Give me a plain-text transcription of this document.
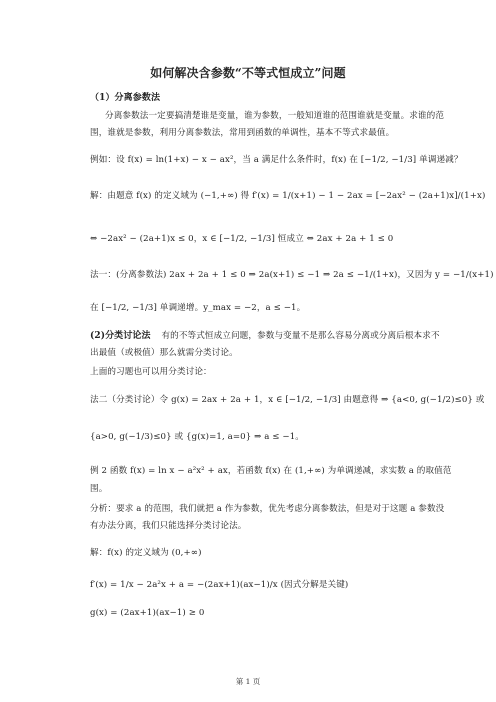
如何解决含参数“不等式恒成立”问题
（1）分离参数法
分离参数法一定要搞清楚谁是变量，谁为参数，一般知道谁的范围谁就是变量。求谁的范
围，谁就是参数，利用分离参数法，常用到函数的单调性，基本不等式求最值。
例如：设 f(x) = ln(1+x) − x − ax²，当 a 满足什么条件时，f(x) 在 [−1/2, −1/3] 单调递减？
解：由题意 f(x) 的定义域为 (−1,+∞) 得 f′(x) = 1/(x+1) − 1 − 2ax = [−2ax² − (2a+1)x]/(1+x)
⇔ −2ax² − (2a+1)x ≤ 0，x ∈ [−1/2, −1/3] 恒成立 ⇔ 2ax + 2a + 1 ≤ 0
法一：(分离参数法) 2ax + 2a + 1 ≤ 0 ⇒ 2a(x+1) ≤ −1 ⇒ 2a ≤ −1/(1+x)，又因为 y = −1/(x+1)
在 [−1/2, −1/3] 单调递增。y_max = −2，a ≤ −1。
(2)分类讨论法 有的不等式恒成立问题，参数与变量不是那么容易分离或分离后根本求不
出最值（或极值）那么就需分类讨论。
上面的习题也可以用分类讨论：
法二（分类讨论）令 g(x) = 2ax + 2a + 1，x ∈ [−1/2, −1/3] 由题意得 ⇒ {a<0, g(−1/2)≤0} 或
{a>0, g(−1/3)≤0} 或 {g(x)=1, a=0} ⇒ a ≤ −1。
例 2 函数 f(x) = ln x − a²x² + ax，若函数 f(x) 在 (1,+∞) 为单调递减，求实数 a 的取值范
围。
分析：要求 a 的范围，我们就把 a 作为参数，优先考虑分离参数法，但是对于这题 a 参数没
有办法分离，我们只能选择分类讨论法。
解：f(x) 的定义域为 (0,+∞)
f′(x) = 1/x − 2a²x + a = −(2ax+1)(ax−1)/x (因式分解是关键)
g(x) = (2ax+1)(ax−1) ≥ 0
第 1 页
